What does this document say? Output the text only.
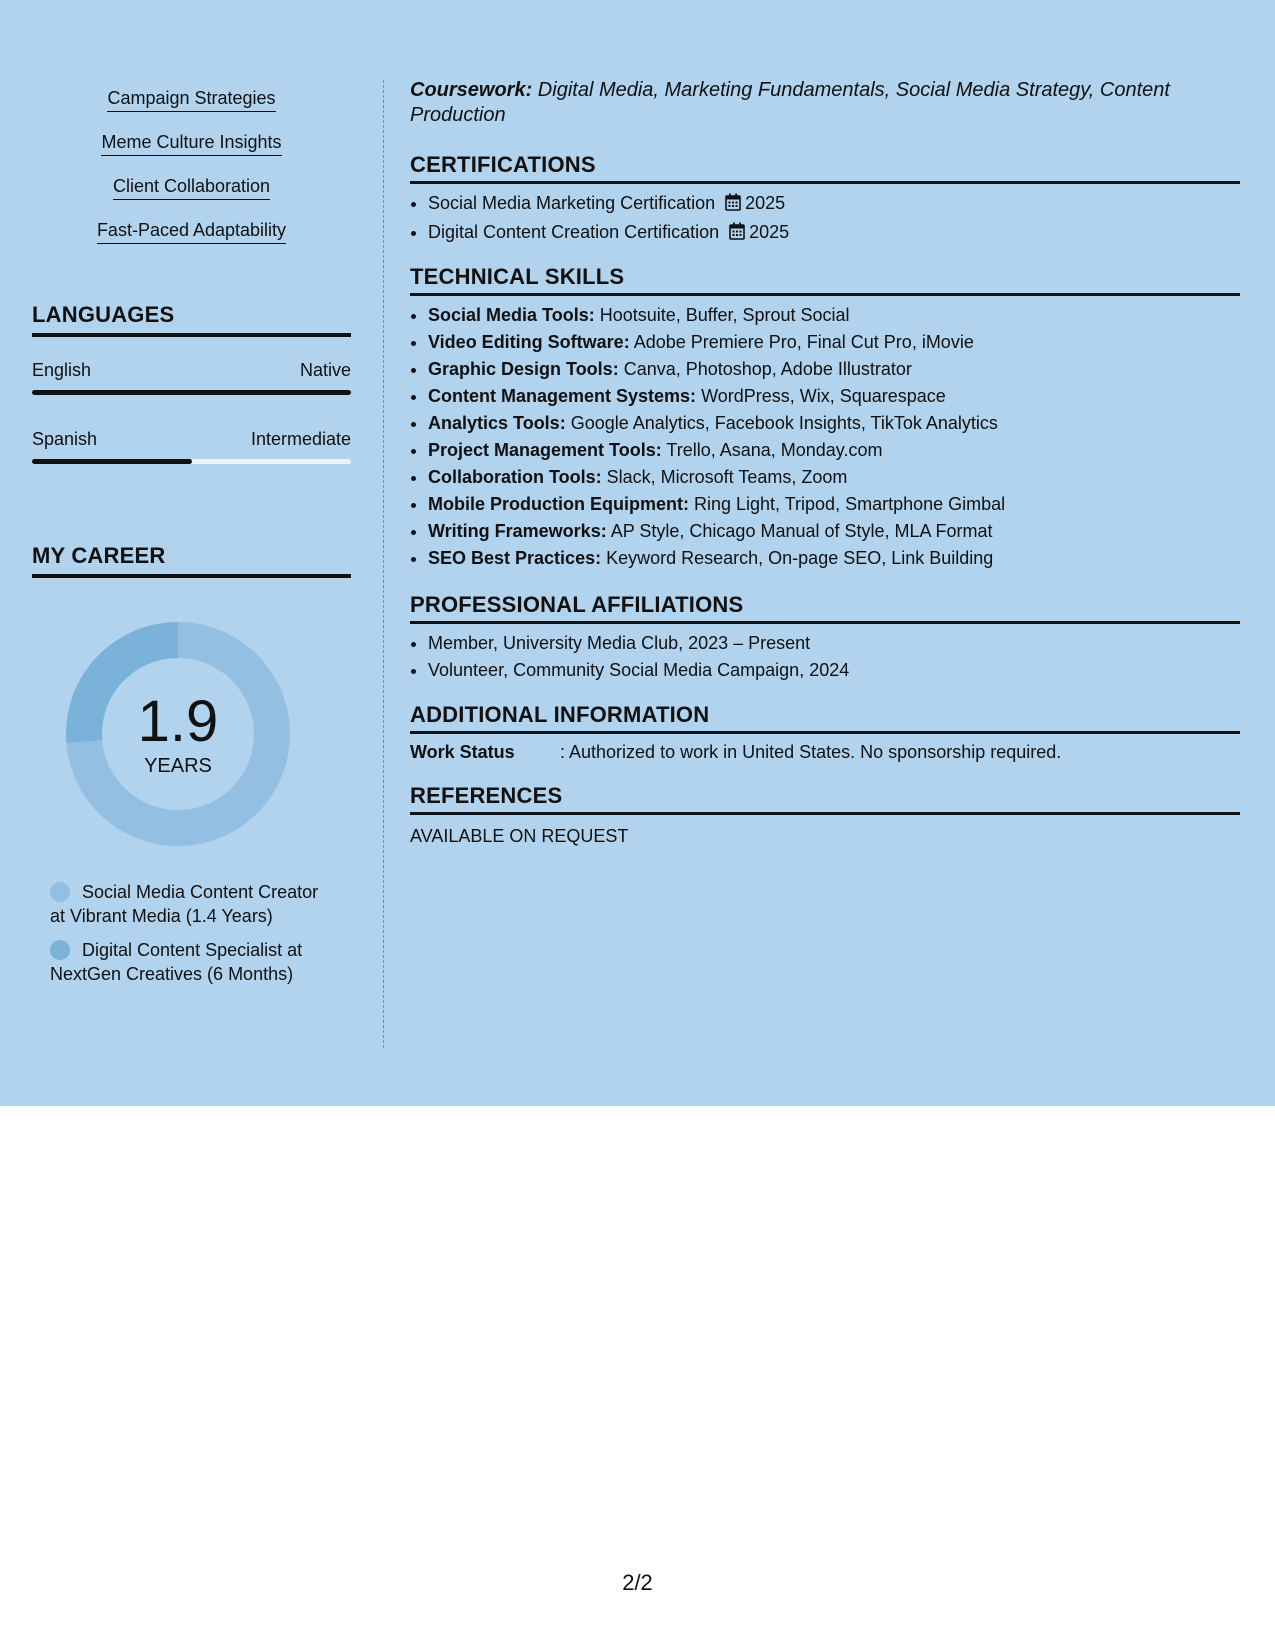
Campaign Strategies
Meme Culture Insights
Client Collaboration
Fast-Paced Adaptability
LANGUAGES
English	Native
Spanish	Intermediate
MY CAREER
1.9
YEARS
Social Media Content Creator at Vibrant Media (1.4 Years)
Digital Content Specialist at NextGen Creatives (6 Months)
Coursework: Digital Media, Marketing Fundamentals, Social Media Strategy, Content Production
CERTIFICATIONS
• Social Media Marketing Certification 2025
• Digital Content Creation Certification 2025
TECHNICAL SKILLS
• Social Media Tools: Hootsuite, Buffer, Sprout Social
• Video Editing Software: Adobe Premiere Pro, Final Cut Pro, iMovie
• Graphic Design Tools: Canva, Photoshop, Adobe Illustrator
• Content Management Systems: WordPress, Wix, Squarespace
• Analytics Tools: Google Analytics, Facebook Insights, TikTok Analytics
• Project Management Tools: Trello, Asana, Monday.com
• Collaboration Tools: Slack, Microsoft Teams, Zoom
• Mobile Production Equipment: Ring Light, Tripod, Smartphone Gimbal
• Writing Frameworks: AP Style, Chicago Manual of Style, MLA Format
• SEO Best Practices: Keyword Research, On-page SEO, Link Building
PROFESSIONAL AFFILIATIONS
• Member, University Media Club, 2023 – Present
• Volunteer, Community Social Media Campaign, 2024
ADDITIONAL INFORMATION
Work Status	: Authorized to work in United States. No sponsorship required.
REFERENCES
AVAILABLE ON REQUEST
2/2
